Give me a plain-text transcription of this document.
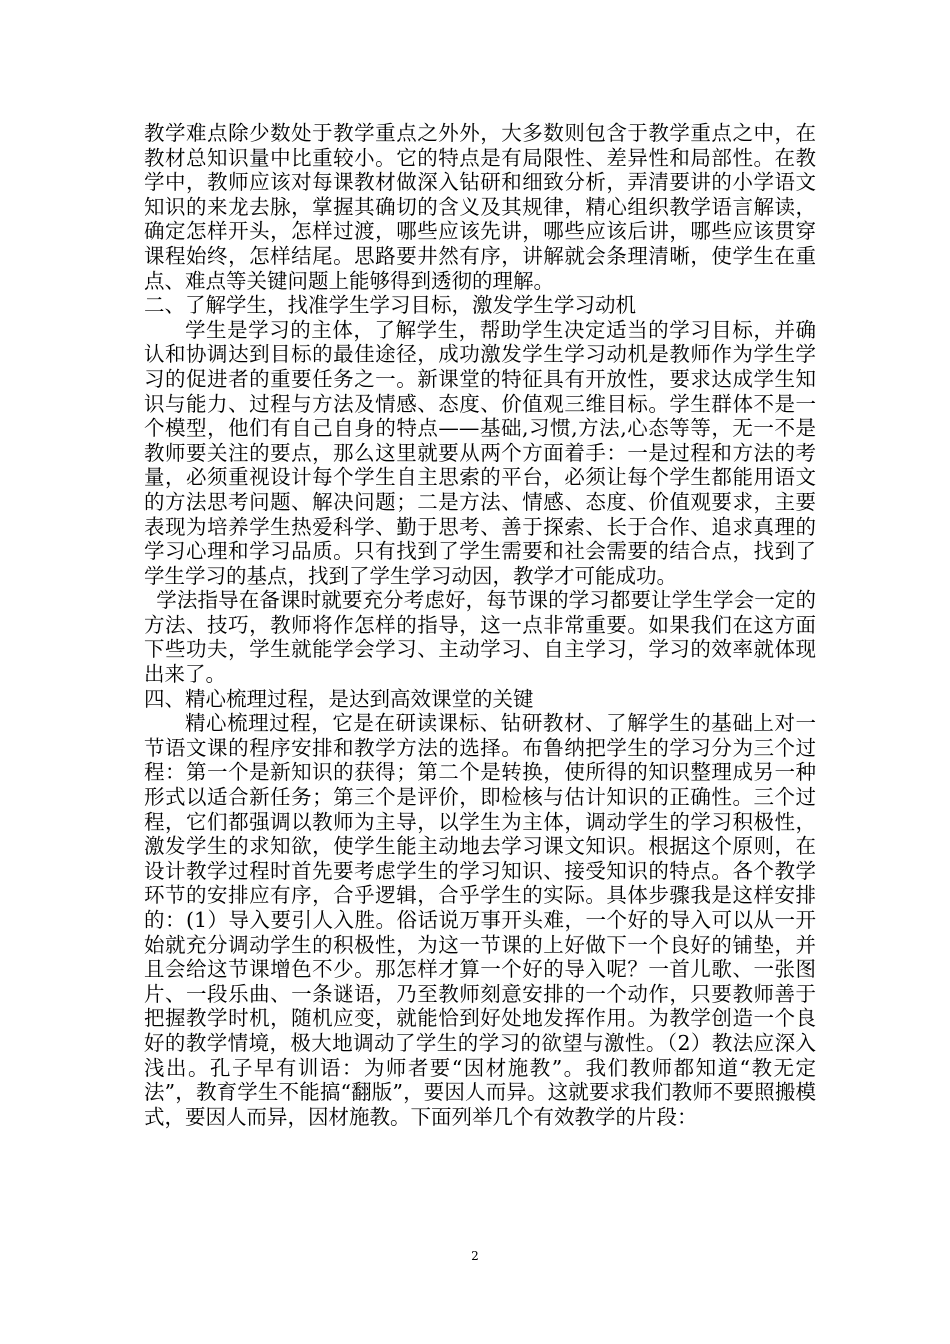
教学难点除少数处于教学重点之外外，大多数则包含于教学重点之中，在教材总知识量中比重较小。它的特点是有局限性、差异性和局部性。在教学中，教师应该对每课教材做深入钻研和细致分析，弄清要讲的小学语文知识的来龙去脉，掌握其确切的含义及其规律，精心组织教学语言解读，确定怎样开头，怎样过渡，哪些应该先讲，哪些应该后讲，哪些应该贯穿课程始终，怎样结尾。思路要井然有序，讲解就会条理清晰，使学生在重点、难点等关键问题上能够得到透彻的理解。

二、了解学生，找准学生学习目标，激发学生学习动机

学生是学习的主体，了解学生，帮助学生决定适当的学习目标，并确认和协调达到目标的最佳途径，成功激发学生学习动机是教师作为学生学习的促进者的重要任务之一。新课堂的特征具有开放性，要求达成学生知识与能力、过程与方法及情感、态度、价值观三维目标。学生群体不是一个模型，他们有自己自身的特点——基础,习惯,方法,心态等等，无一不是教师要关注的要点，那么这里就要从两个方面着手：一是过程和方法的考量，必须重视设计每个学生自主思索的平台，必须让每个学生都能用语文的方法思考问题、解决问题；二是方法、情感、态度、价值观要求，主要表现为培养学生热爱科学、勤于思考、善于探索、长于合作、追求真理的学习心理和学习品质。只有找到了学生需要和社会需要的结合点，找到了学生学习的基点，找到了学生学习动因，教学才可能成功。

学法指导在备课时就要充分考虑好，每节课的学习都要让学生学会一定的方法、技巧，教师将作怎样的指导，这一点非常重要。如果我们在这方面下些功夫，学生就能学会学习、主动学习、自主学习，学习的效率就体现出来了。

四、精心梳理过程，是达到高效课堂的关键

精心梳理过程，它是在研读课标、钻研教材、了解学生的基础上对一节语文课的程序安排和教学方法的选择。布鲁纳把学生的学习分为三个过程：第一个是新知识的获得；第二个是转换，使所得的知识整理成另一种形式以适合新任务；第三个是评价，即检核与估计知识的正确性。三个过程，它们都强调以教师为主导，以学生为主体，调动学生的学习积极性，激发学生的求知欲，使学生能主动地去学习课文知识。根据这个原则，在设计教学过程时首先要考虑学生的学习知识、接受知识的特点。各个教学环节的安排应有序，合乎逻辑，合乎学生的实际。具体步骤我是这样安排的：(1）导入要引人入胜。俗话说万事开头难，一个好的导入可以从一开始就充分调动学生的积极性，为这一节课的上好做下一个良好的铺垫，并且会给这节课增色不少。那怎样才算一个好的导入呢？一首儿歌、一张图片、一段乐曲、一条谜语，乃至教师刻意安排的一个动作，只要教师善于把握教学时机，随机应变，就能恰到好处地发挥作用。为教学创造一个良好的教学情境，极大地调动了学生的学习的欲望与激性。（2）教法应深入浅出。孔子早有训语：为师者要“因材施教”。我们教师都知道“教无定法”，教育学生不能搞“翻版”，要因人而异。这就要求我们教师不要照搬模式，要因人而异，因材施教。下面列举几个有效教学的片段：

2
